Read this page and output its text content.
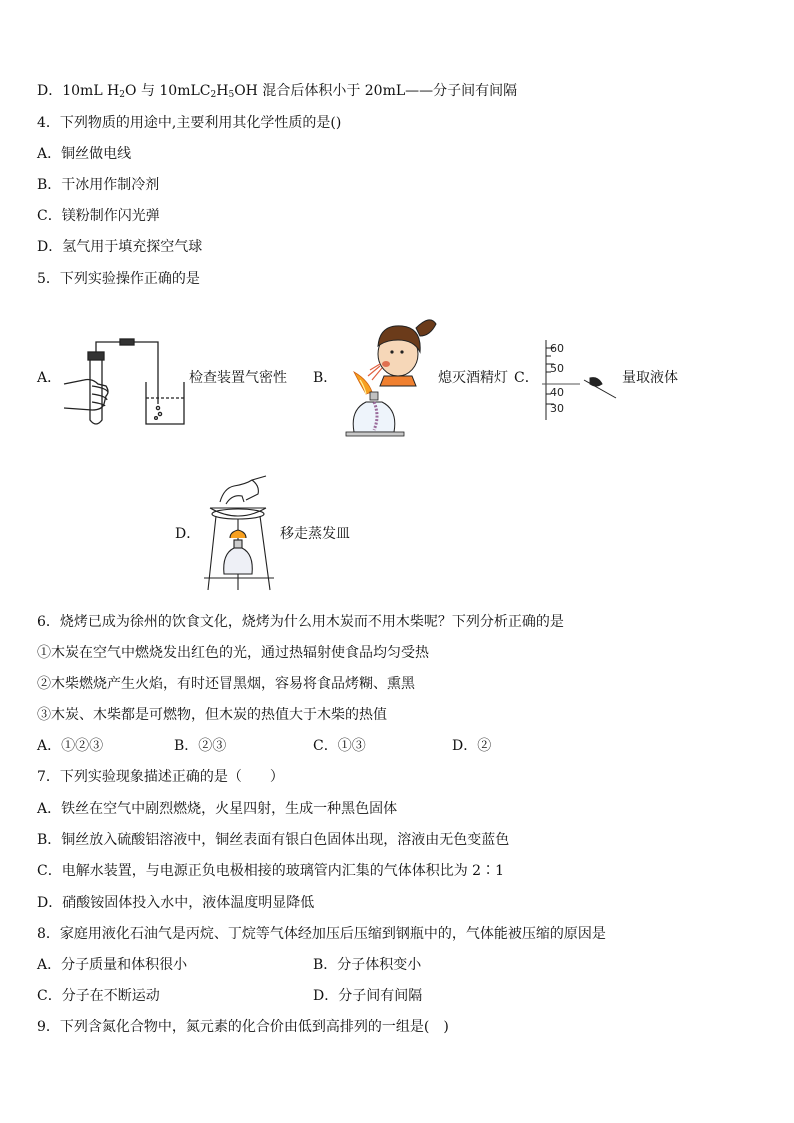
D．10mL $H_2O$ 与 $10mLC_2H_5OH$ 混合后体积小于 20mL——分子间有间隔
4．下列物质的用途中,主要利用其化学性质的是()
A．铜丝做电线
B．干冰用作制冷剂
C．镁粉制作闪光弹
D．氢气用于填充探空气球
5．下列实验操作正确的是
A．	检查装置气密性 B．	熄灭酒精灯 C．
60
50
40
30
量取液体
D．	移走蒸发皿
6．烧烤已成为徐州的饮食文化，烧烤为什么用木炭而不用木柴呢？下列分析正确的是
①木炭在空气中燃烧发出红色的光，通过热辐射使食品均匀受热
②木柴燃烧产生火焰，有时还冒黑烟，容易将食品烤糊、熏黑
③木炭、木柴都是可燃物，但木炭的热值大于木柴的热值
A．①②③	B．②③	C．①③	D．②
7．下列实验现象描述正确的是（　　）
A．铁丝在空气中剧烈燃烧，火星四射，生成一种黑色固体
B．铜丝放入硫酸铝溶液中，铜丝表面有银白色固体出现，溶液由无色变蓝色
C．电解水装置，与电源正负电极相接的玻璃管内汇集的气体体积比为 2∶1
D．硝酸铵固体投入水中，液体温度明显降低
8．家庭用液化石油气是丙烷、丁烷等气体经加压后压缩到钢瓶中的，气体能被压缩的原因是
A．分子质量和体积很小	B．分子体积变小
C．分子在不断运动	D．分子间有间隔
9．下列含氮化合物中，氮元素的化合价由低到高排列的一组是(　)
